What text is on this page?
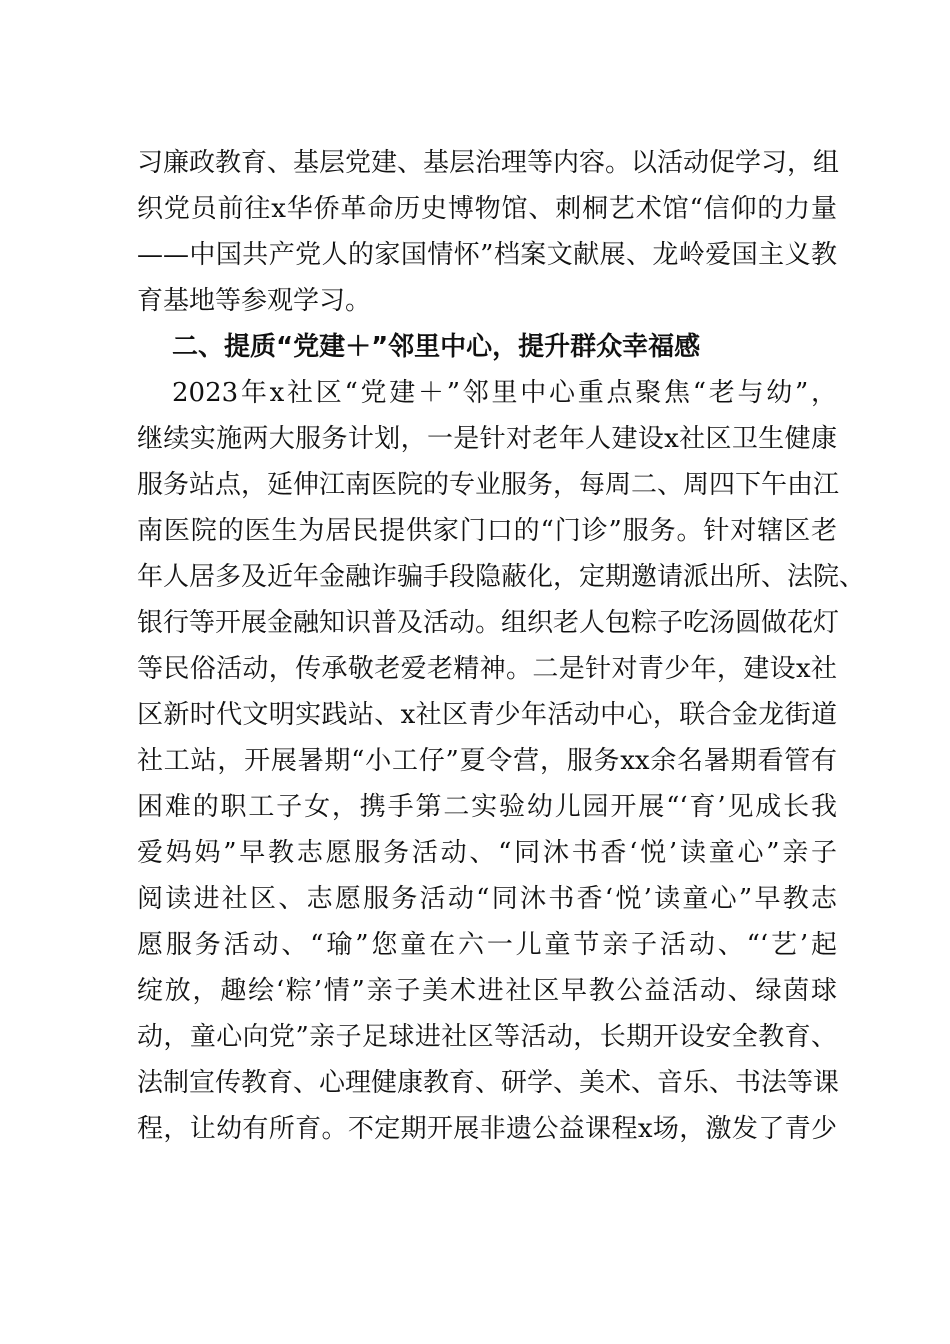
习廉政教育、基层党建、基层治理等内容。以活动促学习，组
织党员前往x华侨革命历史博物馆、刺桐艺术馆“信仰的力量
——中国共产党人的家国情怀”档案文献展、龙岭爱国主义教
育基地等参观学习。
二、提质“党建＋”邻里中心，提升群众幸福感
2023年x社区“党建＋”邻里中心重点聚焦“老与幼”，
继续实施两大服务计划，一是针对老年人建设x社区卫生健康
服务站点，延伸江南医院的专业服务，每周二、周四下午由江
南医院的医生为居民提供家门口的“门诊”服务。针对辖区老
年人居多及近年金融诈骗手段隐蔽化，定期邀请派出所、法院、
银行等开展金融知识普及活动。组织老人包粽子吃汤圆做花灯
等民俗活动，传承敬老爱老精神。二是针对青少年，建设x社
区新时代文明实践站、x社区青少年活动中心，联合金龙街道
社工站，开展暑期“小工仔”夏令营，服务xx余名暑期看管有
困难的职工子女，携手第二实验幼儿园开展“‘育’见成长我
爱妈妈”早教志愿服务活动、“同沐书香‘悦’读童心”亲子
阅读进社区、志愿服务活动“同沐书香‘悦’读童心”早教志
愿服务活动、“瑜”您童在六一儿童节亲子活动、“‘艺’起
绽放，趣绘‘粽’情”亲子美术进社区早教公益活动、绿茵球
动，童心向党”亲子足球进社区等活动，长期开设安全教育、
法制宣传教育、心理健康教育、研学、美术、音乐、书法等课
程，让幼有所育。不定期开展非遗公益课程x场，激发了青少
